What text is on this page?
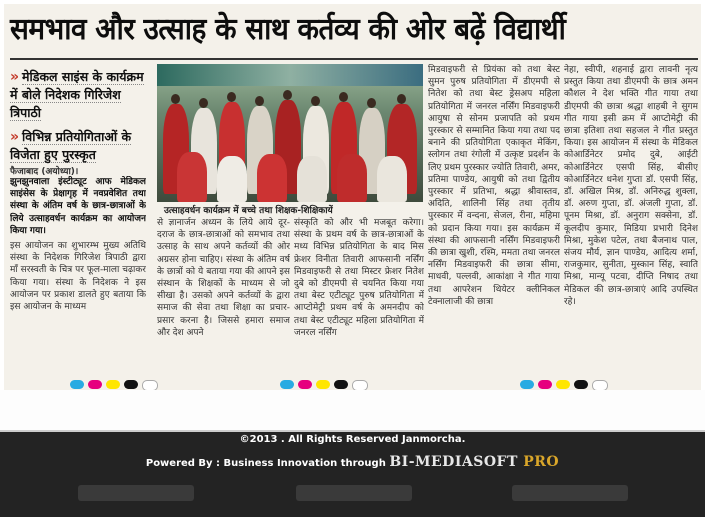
समभाव और उत्साह के साथ कर्तव्य की ओर बढ़ें विद्यार्थी
» मेडिकल साइंस के कार्यक्रम में बोले निदेशक गिरिजेश त्रिपाठी
» विभिन्न प्रतियोगिताओं के विजेता हुए पुरस्कृत
फैजाबाद (अयोध्या)।

झुनझुनवाला इंस्टीट्यूट आफ मेडिकल साइंसेस के प्रेक्षागृह में नवप्रवेशित तथा संस्था के अंतिम वर्ष के छात्र-छात्राओं के लिये उत्साहवर्धन कार्यक्रम का आयोजन किया गया।

इस आयोजन का शुभारम्भ मुख्य अतिथि संस्था के निदेशक गिरिजेश त्रिपाठी द्वारा माँ सरस्वती के चित्र पर फूल-माला चढ़ाकर किया गया। संस्था के निदेशक ने इस आयोजन पर प्रकाश डालते हुए बताया कि इस आयोजन के माध्यम

उत्साहवर्धन कार्यक्रम में बच्चे तथा शिक्षक-शिक्षिकायें
से ज्ञानार्जन अध्यन के लिये आये दूर-दराज के छात्र-छात्राओं को समभाव तथा उत्साह के साथ अपने कर्तव्यों की ओर अग्रसर होना चाहिए। संस्था के अंतिम वर्ष के छात्रों को ये बताया गया की आपने इस संस्थान के शिक्षकों के माध्यम से जो सीखा है। उसको अपने कर्तव्यों के द्वारा समाज की सेवा तथा शिक्षा का प्रचार-प्रसार करना है। जिससे हमारा समाज और देश अपने
संस्कृति को और भी मजबूत करेगा। संस्था के प्रथम वर्ष के छात्र-छात्राओं के मध्य विभिन्न प्रतियोगिता के बाद मिस फ्रेशर विनीता तिवारी आफसानी नर्सिंग मिडवाइफरी से तथा मिस्टर फ्रेशर नितेश दुबे को डीएमपी से चयनित किया गया तथा बेस्ट एटीट्यूट पुरुष प्रतियोगिता में आप्टोमेट्री प्रथम वर्ष के अमनदीप को तथा बेस्ट एटीट्यूट महिला प्रतियोगिता में जनरल नर्सिंग
मिडवाइफरी से प्रियंका को तथा बेस्ट सुमन पुरुष प्रतियोगिता में डीएमपी से नितेश को तथा बेस्ट ड्रेसअप महिला प्रतियोगिता में जनरल नर्सिंग मिडवाइफरी आयुषा से सोनम प्रजापति को प्रथम पुरस्कार से सम्मानित किया गया तथा पद बनाने की प्रतियोगिता एकाकृत मेकिंग, स्लोगन तथा रंगोली में उत्कृष्ट प्रदर्शन के लिए प्रथम पुरस्कार ज्योति तिवारी, अमर, प्रतिमा पाण्डेय, आयुषी को तथा द्वितीय पुरस्कार में प्रतिभा, श्रद्धा श्रीवास्तव, अदिति, शालिनी सिंह तथा तृतीय पुरस्कार में वन्दना, सेजल, रीना, महिमा को प्रदान किया गया। इस कार्यक्रम में संस्था की आफसानी नर्सिंग मिडवाइफरी की छात्रा खुशी, रश्मि, ममता तथा जनरल नर्सिंग मिडवाइफरी की छात्रा सीमा, माधवी, पल्लवी, आकांक्षा ने गीत गाया तथा आपरेशन थियेटर क्लीनिकल टेक्नालाजी की छात्रा
नेहा, स्वीपी, शहनाई द्वारा लावनी नृत्य प्रस्तुत किया तथा डीएमपी के छात्र अमन कौशल ने देश भक्ति गीत गाया तथा डीएमपी की छात्रा श्रद्धा शाहबी ने सुगम गीत गाया इसी क्रम में आप्टोमेट्री की छात्रा इतिशा तथा सहजल ने गीत प्रस्तुत किया। इस आयोजन में संस्था के मेडिकल कोआर्डिनेटर प्रमोद दुबे, आईटी कोआर्डिनेटर एसपी सिंह, बीसीए कोआर्डिनेटर धनेश गुप्ता डॉ. एसपी सिंह, डॉ. अखिल मिश्र, डॉ. अनिरुद्ध शुक्ला, डॉ. अरुण गुप्ता, डॉ. अंजली गुप्ता, डॉ. पूनम मिश्रा, डॉ. अनुराग सक्सेना, डॉ. कूलदीप कुमार, मिडिया प्रभारी दिनेश मिश्रा, मुकेश पटेल, तथा बैजनाथ पाल, संजय मौर्य, ज्ञान पाण्डेय, आदित्य शर्मा, राजकुमार, सुनीता, मुस्कान सिंह, स्वाति मिश्रा, मान्यू पटवा, दीप्ति निषाद तथा मेडिकल की छात्र-छात्राएं आदि उपस्थित रहे।
©2013 . All Rights Reserved Janmorcha.
Powered By : Business Innovation through BI-MEDIASOFT PRO
